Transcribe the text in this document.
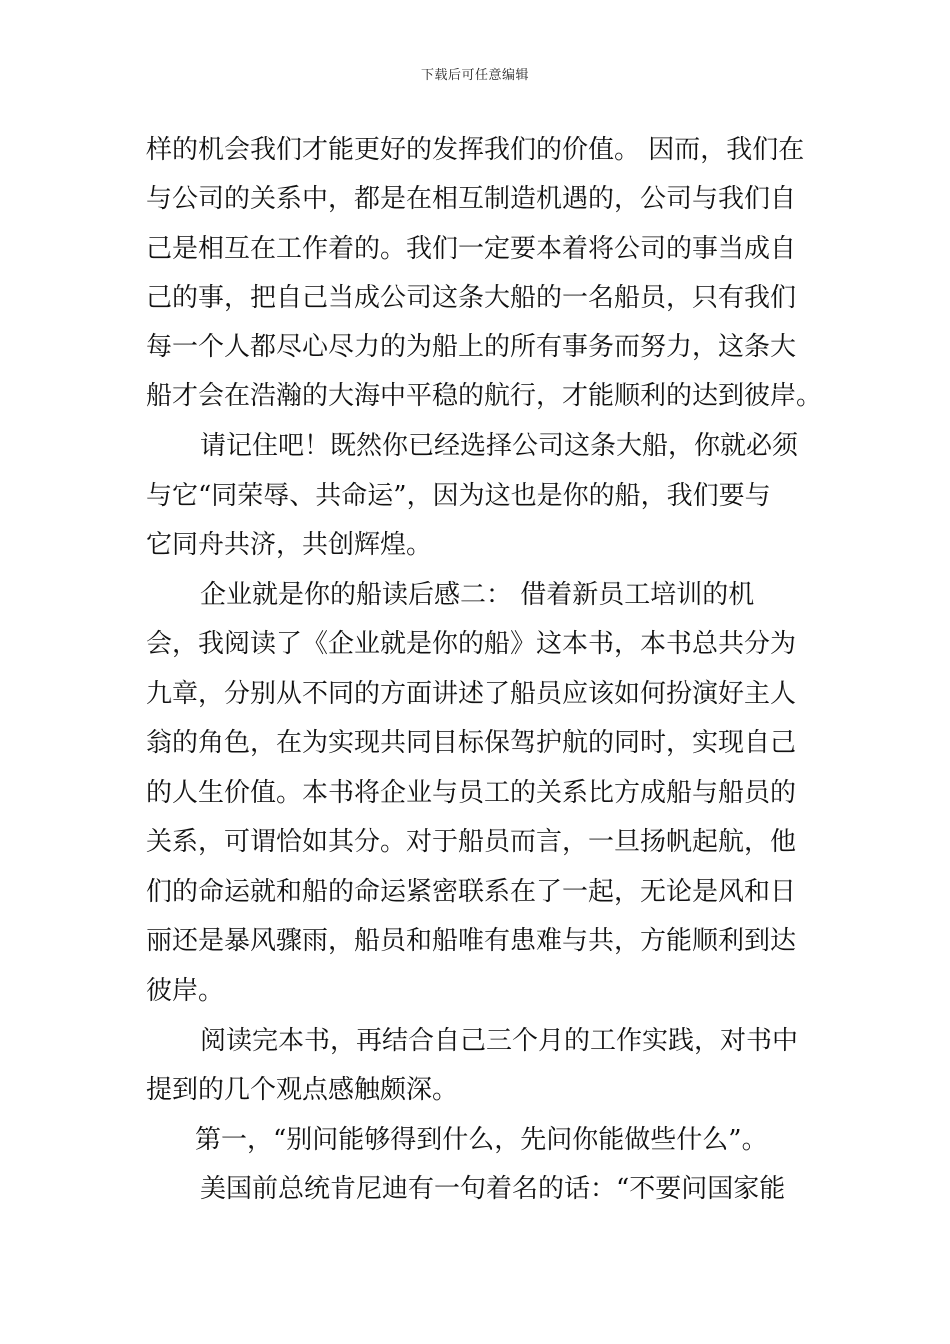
下载后可任意编辑
样的机会我们才能更好的发挥我们的价值。 因而，我们在
与公司的关系中，都是在相互制造机遇的，公司与我们自
己是相互在工作着的。我们一定要本着将公司的事当成自
己的事，把自己当成公司这条大船的一名船员，只有我们
每一个人都尽心尽力的为船上的所有事务而努力，这条大
船才会在浩瀚的大海中平稳的航行，才能顺利的达到彼岸。
请记住吧！既然你已经选择公司这条大船，你就必须
与它“同荣辱、共命运”，因为这也是你的船，我们要与
它同舟共济，共创辉煌。
企业就是你的船读后感二： 借着新员工培训的机
会，我阅读了《企业就是你的船》这本书，本书总共分为
九章，分别从不同的方面讲述了船员应该如何扮演好主人
翁的角色，在为实现共同目标保驾护航的同时，实现自己
的人生价值。本书将企业与员工的关系比方成船与船员的
关系，可谓恰如其分。对于船员而言，一旦扬帆起航，他
们的命运就和船的命运紧密联系在了一起，无论是风和日
丽还是暴风骤雨，船员和船唯有患难与共，方能顺利到达
彼岸。
阅读完本书，再结合自己三个月的工作实践，对书中
提到的几个观点感触颇深。
第一，“别问能够得到什么，先问你能做些什么”。
美国前总统肯尼迪有一句着名的话：“不要问国家能
